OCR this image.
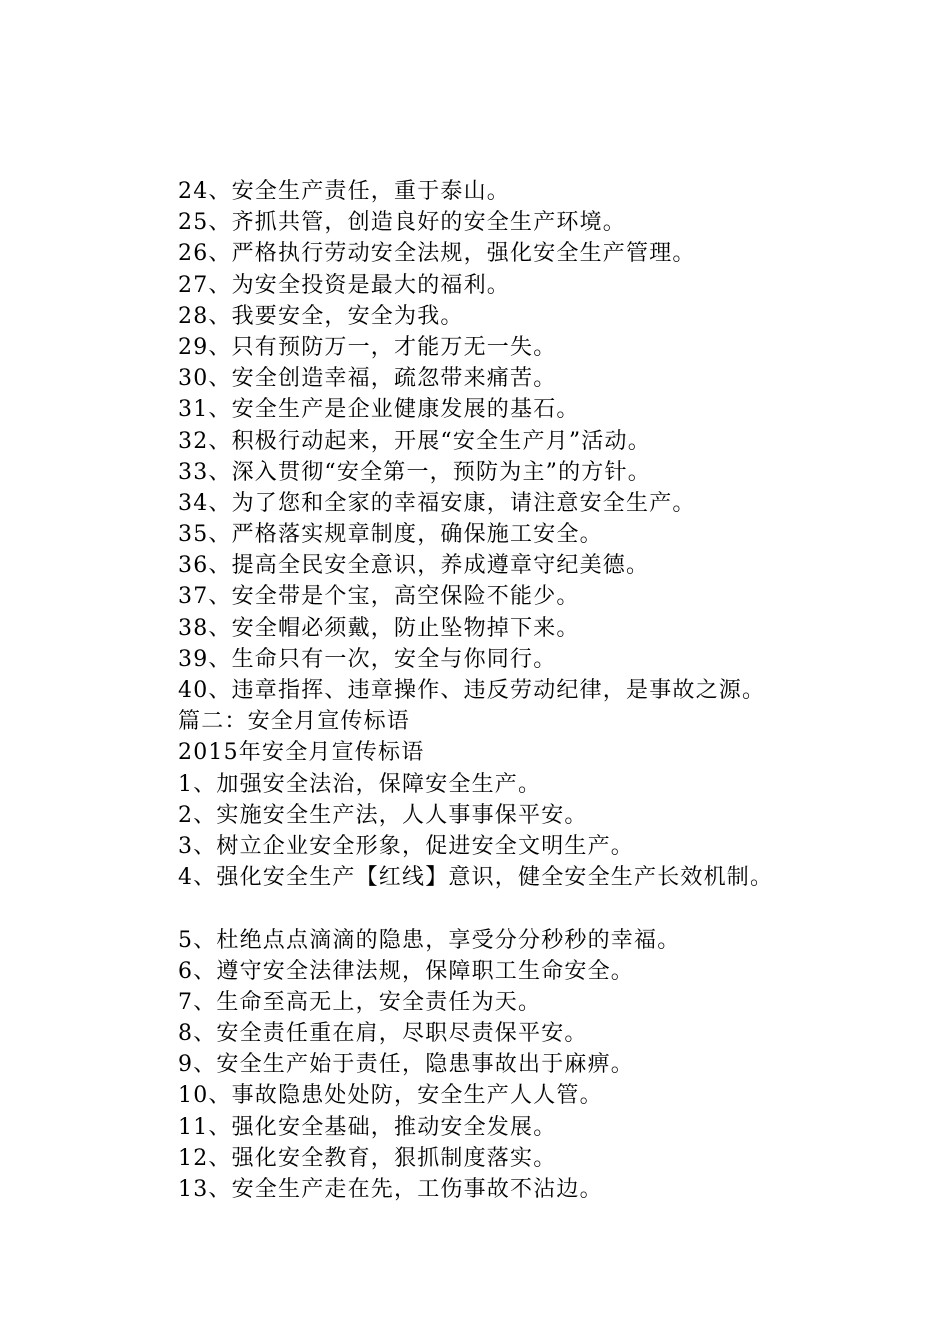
24、安全生产责任，重于泰山。
25、齐抓共管，创造良好的安全生产环境。
26、严格执行劳动安全法规，强化安全生产管理。
27、为安全投资是最大的福利。
28、我要安全，安全为我。
29、只有预防万一，才能万无一失。
30、安全创造幸福，疏忽带来痛苦。
31、安全生产是企业健康发展的基石。
32、积极行动起来，开展“安全生产月”活动。
33、深入贯彻“安全第一，预防为主”的方针。
34、为了您和全家的幸福安康，请注意安全生产。
35、严格落实规章制度，确保施工安全。
36、提高全民安全意识，养成遵章守纪美德。
37、安全带是个宝，高空保险不能少。
38、安全帽必须戴，防止坠物掉下来。
39、生命只有一次，安全与你同行。
40、违章指挥、违章操作、违反劳动纪律，是事故之源。
篇二：安全月宣传标语
2015年安全月宣传标语
1、加强安全法治，保障安全生产。
2、实施安全生产法，人人事事保平安。
3、树立企业安全形象，促进安全文明生产。
4、强化安全生产【红线】意识，健全安全生产长效机制。
5、杜绝点点滴滴的隐患，享受分分秒秒的幸福。
6、遵守安全法律法规，保障职工生命安全。
7、生命至高无上，安全责任为天。
8、安全责任重在肩，尽职尽责保平安。
9、安全生产始于责任，隐患事故出于麻痹。
10、事故隐患处处防，安全生产人人管。
11、强化安全基础，推动安全发展。
12、强化安全教育，狠抓制度落实。
13、安全生产走在先，工伤事故不沾边。
